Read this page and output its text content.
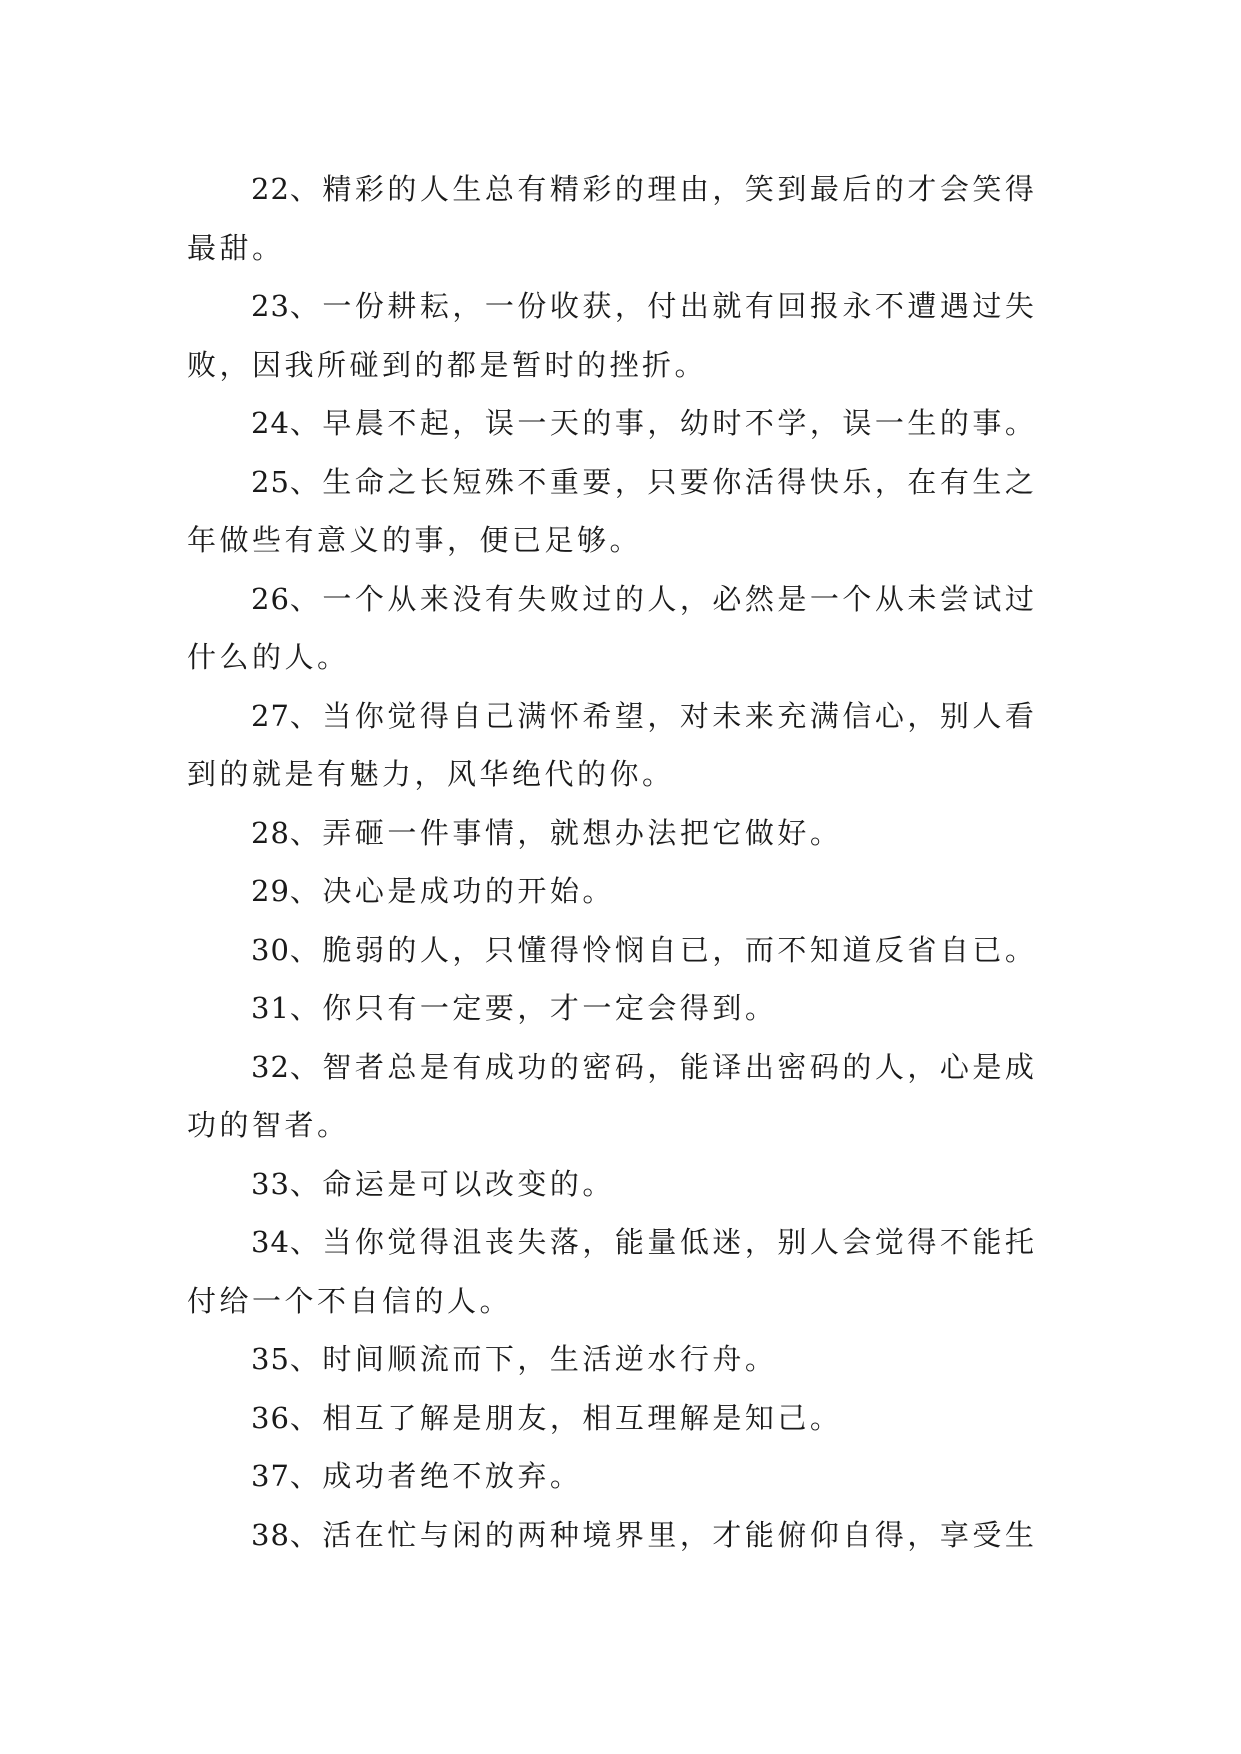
22、精彩的人生总有精彩的理由，笑到最后的才会笑得最甜。

23、一份耕耘，一份收获，付出就有回报永不遭遇过失败，因我所碰到的都是暂时的挫折。

24、早晨不起，误一天的事，幼时不学，误一生的事。

25、生命之长短殊不重要，只要你活得快乐，在有生之年做些有意义的事，便已足够。

26、一个从来没有失败过的人，必然是一个从未尝试过什么的人。

27、当你觉得自己满怀希望，对未来充满信心，别人看到的就是有魅力，风华绝代的你。

28、弄砸一件事情，就想办法把它做好。

29、决心是成功的开始。

30、脆弱的人，只懂得怜悯自已，而不知道反省自已。

31、你只有一定要，才一定会得到。

32、智者总是有成功的密码，能译出密码的人，心是成功的智者。

33、命运是可以改变的。

34、当你觉得沮丧失落，能量低迷，别人会觉得不能托付给一个不自信的人。

35、时间顺流而下，生活逆水行舟。

36、相互了解是朋友，相互理解是知己。

37、成功者绝不放弃。

38、活在忙与闲的两种境界里，才能俯仰自得，享受生
